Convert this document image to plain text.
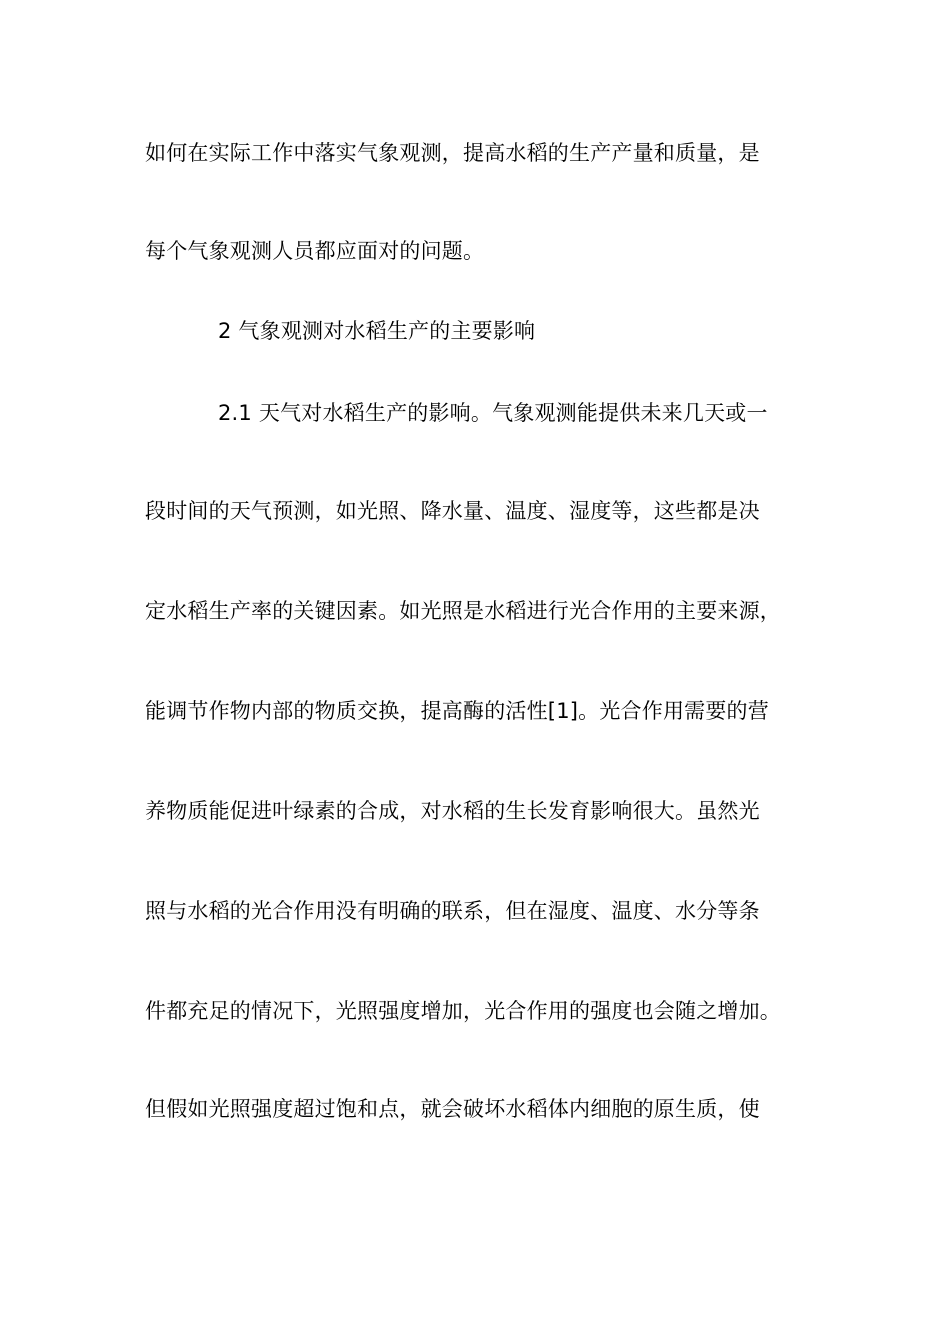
如何在实际工作中落实气象观测，提高水稻的生产产量和质量，是
每个气象观测人员都应面对的问题。
2 气象观测对水稻生产的主要影响
2.1 天气对水稻生产的影响。气象观测能提供未来几天或一
段时间的天气预测，如光照、降水量、温度、湿度等，这些都是决
定水稻生产率的关键因素。如光照是水稻进行光合作用的主要来源，
能调节作物内部的物质交换，提高酶的活性[1]。光合作用需要的营
养物质能促进叶绿素的合成，对水稻的生长发育影响很大。虽然光
照与水稻的光合作用没有明确的联系，但在湿度、温度、水分等条
件都充足的情况下，光照强度增加，光合作用的强度也会随之增加。
但假如光照强度超过饱和点，就会破坏水稻体内细胞的原生质，使
